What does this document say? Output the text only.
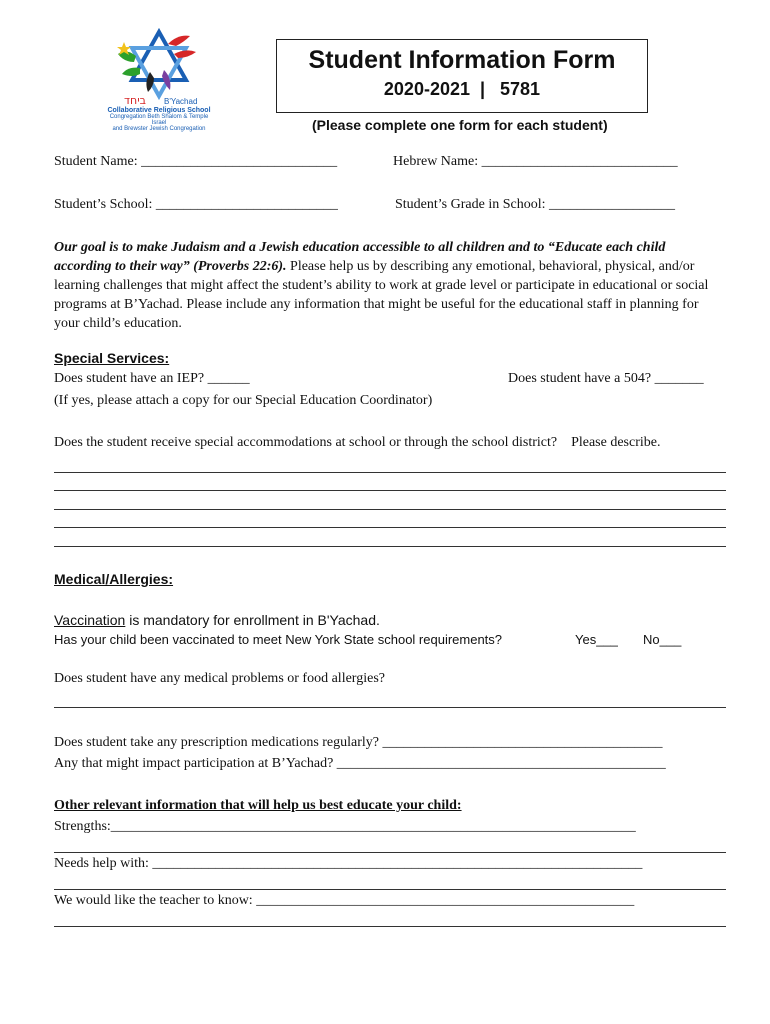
ביחד B'Yachad
Collaborative Religious School
Congregation Beth Shalom & Temple Israel
and Brewster Jewish Congregation
Student Information Form
2020-2021  |   5781
(Please complete one form for each student)
Student Name: ____________________________	Hebrew Name: ____________________________
Student’s School: __________________________	Student’s Grade in School: __________________
Our goal is to make Judaism and a Jewish education accessible to all children and to “Educate each child according to their way” (Proverbs 22:6). Please help us by describing any emotional, behavioral, physical, and/or learning challenges that might affect the student’s ability to work at grade level or participate in educational or social programs at B’Yachad. Please include any information that might be useful for the educational staff in planning for your child’s education.
Special Services:
Does student have an IEP? ______	Does student have a 504? _______
(If yes, please attach a copy for our Special Education Coordinator)
Does the student receive special accommodations at school or through the school district?    Please describe.
Medical/Allergies:
Vaccination is mandatory for enrollment in B'Yachad.
Has your child been vaccinated to meet New York State school requirements?	Yes___ No___
Does student have any medical problems or food allergies?
Does student take any prescription medications regularly? ________________________________________
Any that might impact participation at B’Yachad? _______________________________________________
Other relevant information that will help us best educate your child:
Strengths:___________________________________________________________________________
Needs help with: ______________________________________________________________________
We would like the teacher to know: ______________________________________________________
